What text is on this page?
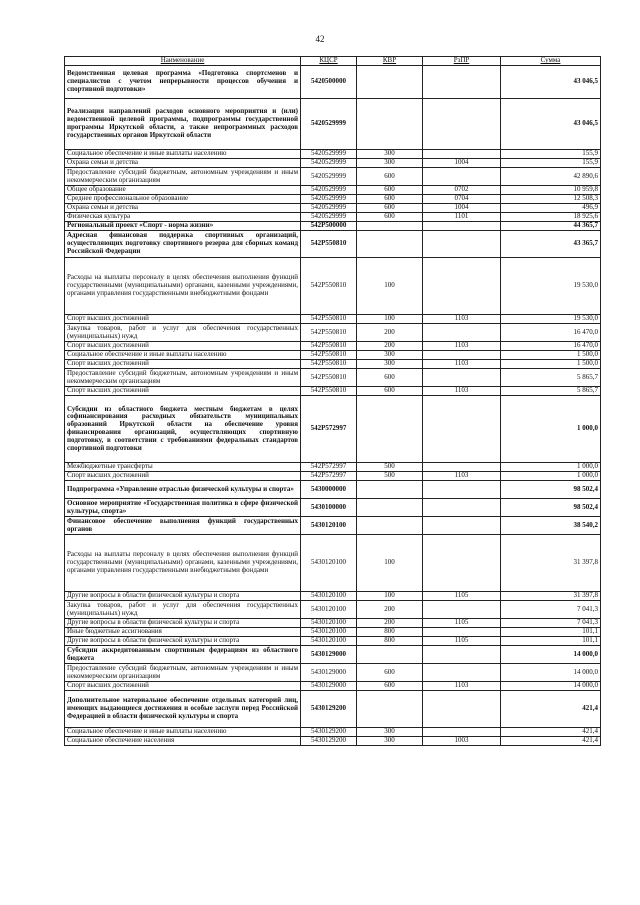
42
Наименование	КЦСР	КВР	РзПР	Сумма
Ведомственная целевая программа «Подготовка спортсменов и специалистов с учетом непрерывности процессов обучения и спортивной подготовки»	5420500000			43 046,5
Реализация направлений расходов основного мероприятия и (или) ведомственной целевой программы, подпрограммы государственной программы Иркутской области, а также непрограммных расходов государственных органов Иркутской области	5420529999			43 046,5
Социальное обеспечение и иные выплаты населению	5420529999	300		155,9
Охрана семьи и детства	5420529999	300	1004	155,9
Предоставление субсидий бюджетным, автономным учреждениям и иным некоммерческим организациям	5420529999	600		42 890,6
Общее образование	5420529999	600	0702	10 959,8
Среднее профессиональное образование	5420529999	600	0704	12 508,3
Охрана семьи и детства	5420529999	600	1004	496,9
Физическая культура	5420529999	600	1101	18 925,6
Региональный проект «Спорт - норма жизни»	542P500000			44 365,7
Адресная финансовая поддержка спортивных организаций, осуществляющих подготовку спортивного резерва для сборных команд Российской Федерации	542P550810			43 365,7
Расходы на выплаты персоналу в целях обеспечения выполнения функций государственными (муниципальными) органами, казенными учреждениями, органами управления государственными внебюджетными фондами	542P550810	100		19 530,0
Спорт высших достижений	542P550810	100	1103	19 530,0
Закупка товаров, работ и услуг для обеспечения государственных (муниципальных) нужд	542P550810	200		16 470,0
Спорт высших достижений	542P550810	200	1103	16 470,0
Социальное обеспечение и иные выплаты населению	542P550810	300		1 500,0
Спорт высших достижений	542P550810	300	1103	1 500,0
Предоставление субсидий бюджетным, автономным учреждениям и иным некоммерческим организациям	542P550810	600		5 865,7
Спорт высших достижений	542P550810	600	1103	5 865,7
Субсидии из областного бюджета местным бюджетам в целях софинансирования расходных обязательств муниципальных образований Иркутской области на обеспечение уровня финансирования организаций, осуществляющих спортивную подготовку, в соответствии с требованиями федеральных стандартов спортивной подготовки	542P572997			1 000,0
Межбюджетные трансферты	542P572997	500		1 000,0
Спорт высших достижений	542P572997	500	1103	1 000,0
Подпрограмма «Управление отраслью физической культуры и спорта»	5430000000			98 502,4
Основное мероприятие «Государственная политика в сфере физической культуры, спорта»	5430100000			98 502,4
Финансовое обеспечение выполнения функций государственных органов	5430120100			38 540,2
Расходы на выплаты персоналу в целях обеспечения выполнения функций государственными (муниципальными) органами, казенными учреждениями, органами управления государственными внебюджетными фондами	5430120100	100		31 397,8
Другие вопросы в области физической культуры и спорта	5430120100	100	1105	31 397,8
Закупка товаров, работ и услуг для обеспечения государственных (муниципальных) нужд	5430120100	200		7 041,3
Другие вопросы в области физической культуры и спорта	5430120100	200	1105	7 041,3
Иные бюджетные ассигнования	5430120100	800		101,1
Другие вопросы в области физической культуры и спорта	5430120100	800	1105	101,1
Субсидии аккредитованным спортивным федерациям из областного бюджета	5430129000			14 000,0
Предоставление субсидий бюджетным, автономным учреждениям и иным некоммерческим организациям	5430129000	600		14 000,0
Спорт высших достижений	5430129000	600	1103	14 000,0
Дополнительное материальное обеспечение отдельных категорий лиц, имеющих выдающиеся достижения и особые заслуги перед Российской Федерацией в области физической культуры и спорта	5430129200			421,4
Социальное обеспечение и иные выплаты населению	5430129200	300		421,4
Социальное обеспечение населения	5430129200	300	1003	421,4
